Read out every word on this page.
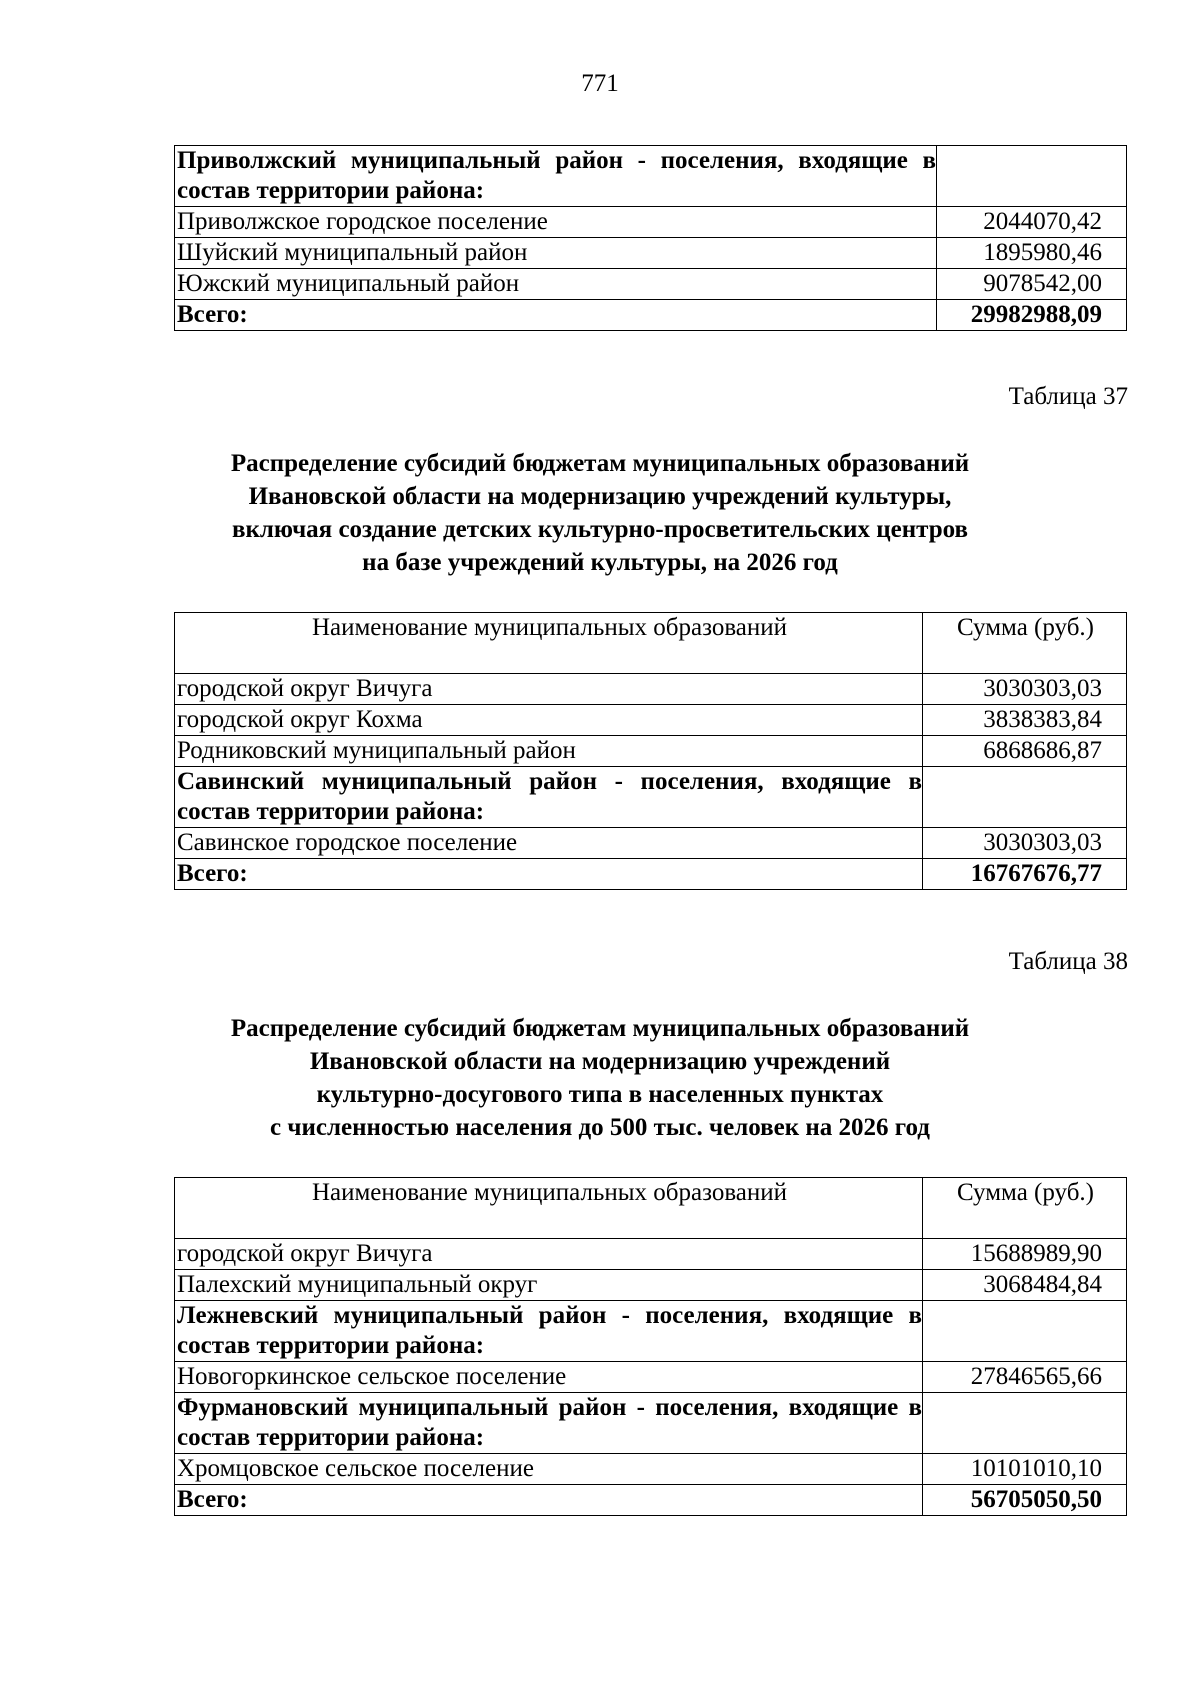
771
Приволжский муниципальный район - поселения, входящие в состав территории района:	
Приволжское городское поселение	2044070,42
Шуйский муниципальный район	1895980,46
Южский муниципальный район	9078542,00
Всего:	29982988,09
Таблица 37
Распределение субсидий бюджетам муниципальных образований
Ивановской области на модернизацию учреждений культуры,
включая создание детских культурно-просветительских центров
на базе учреждений культуры, на 2026 год
Наименование муниципальных образований	Сумма (руб.)
городской округ Вичуга	3030303,03
городской округ Кохма	3838383,84
Родниковский муниципальный район	6868686,87
Савинский муниципальный район - поселения, входящие в состав территории района:	
Савинское городское поселение	3030303,03
Всего:	16767676,77
Таблица 38
Распределение субсидий бюджетам муниципальных образований
Ивановской области на модернизацию учреждений
культурно-досугового типа в населенных пунктах
с численностью населения до 500 тыс. человек на 2026 год
Наименование муниципальных образований	Сумма (руб.)
городской округ Вичуга	15688989,90
Палехский муниципальный округ	3068484,84
Лежневский муниципальный район - поселения, входящие в состав территории района:	
Новогоркинское сельское поселение	27846565,66
Фурмановский муниципальный район - поселения, входящие в состав территории района:	
Хромцовское сельское поселение	10101010,10
Всего:	56705050,50
